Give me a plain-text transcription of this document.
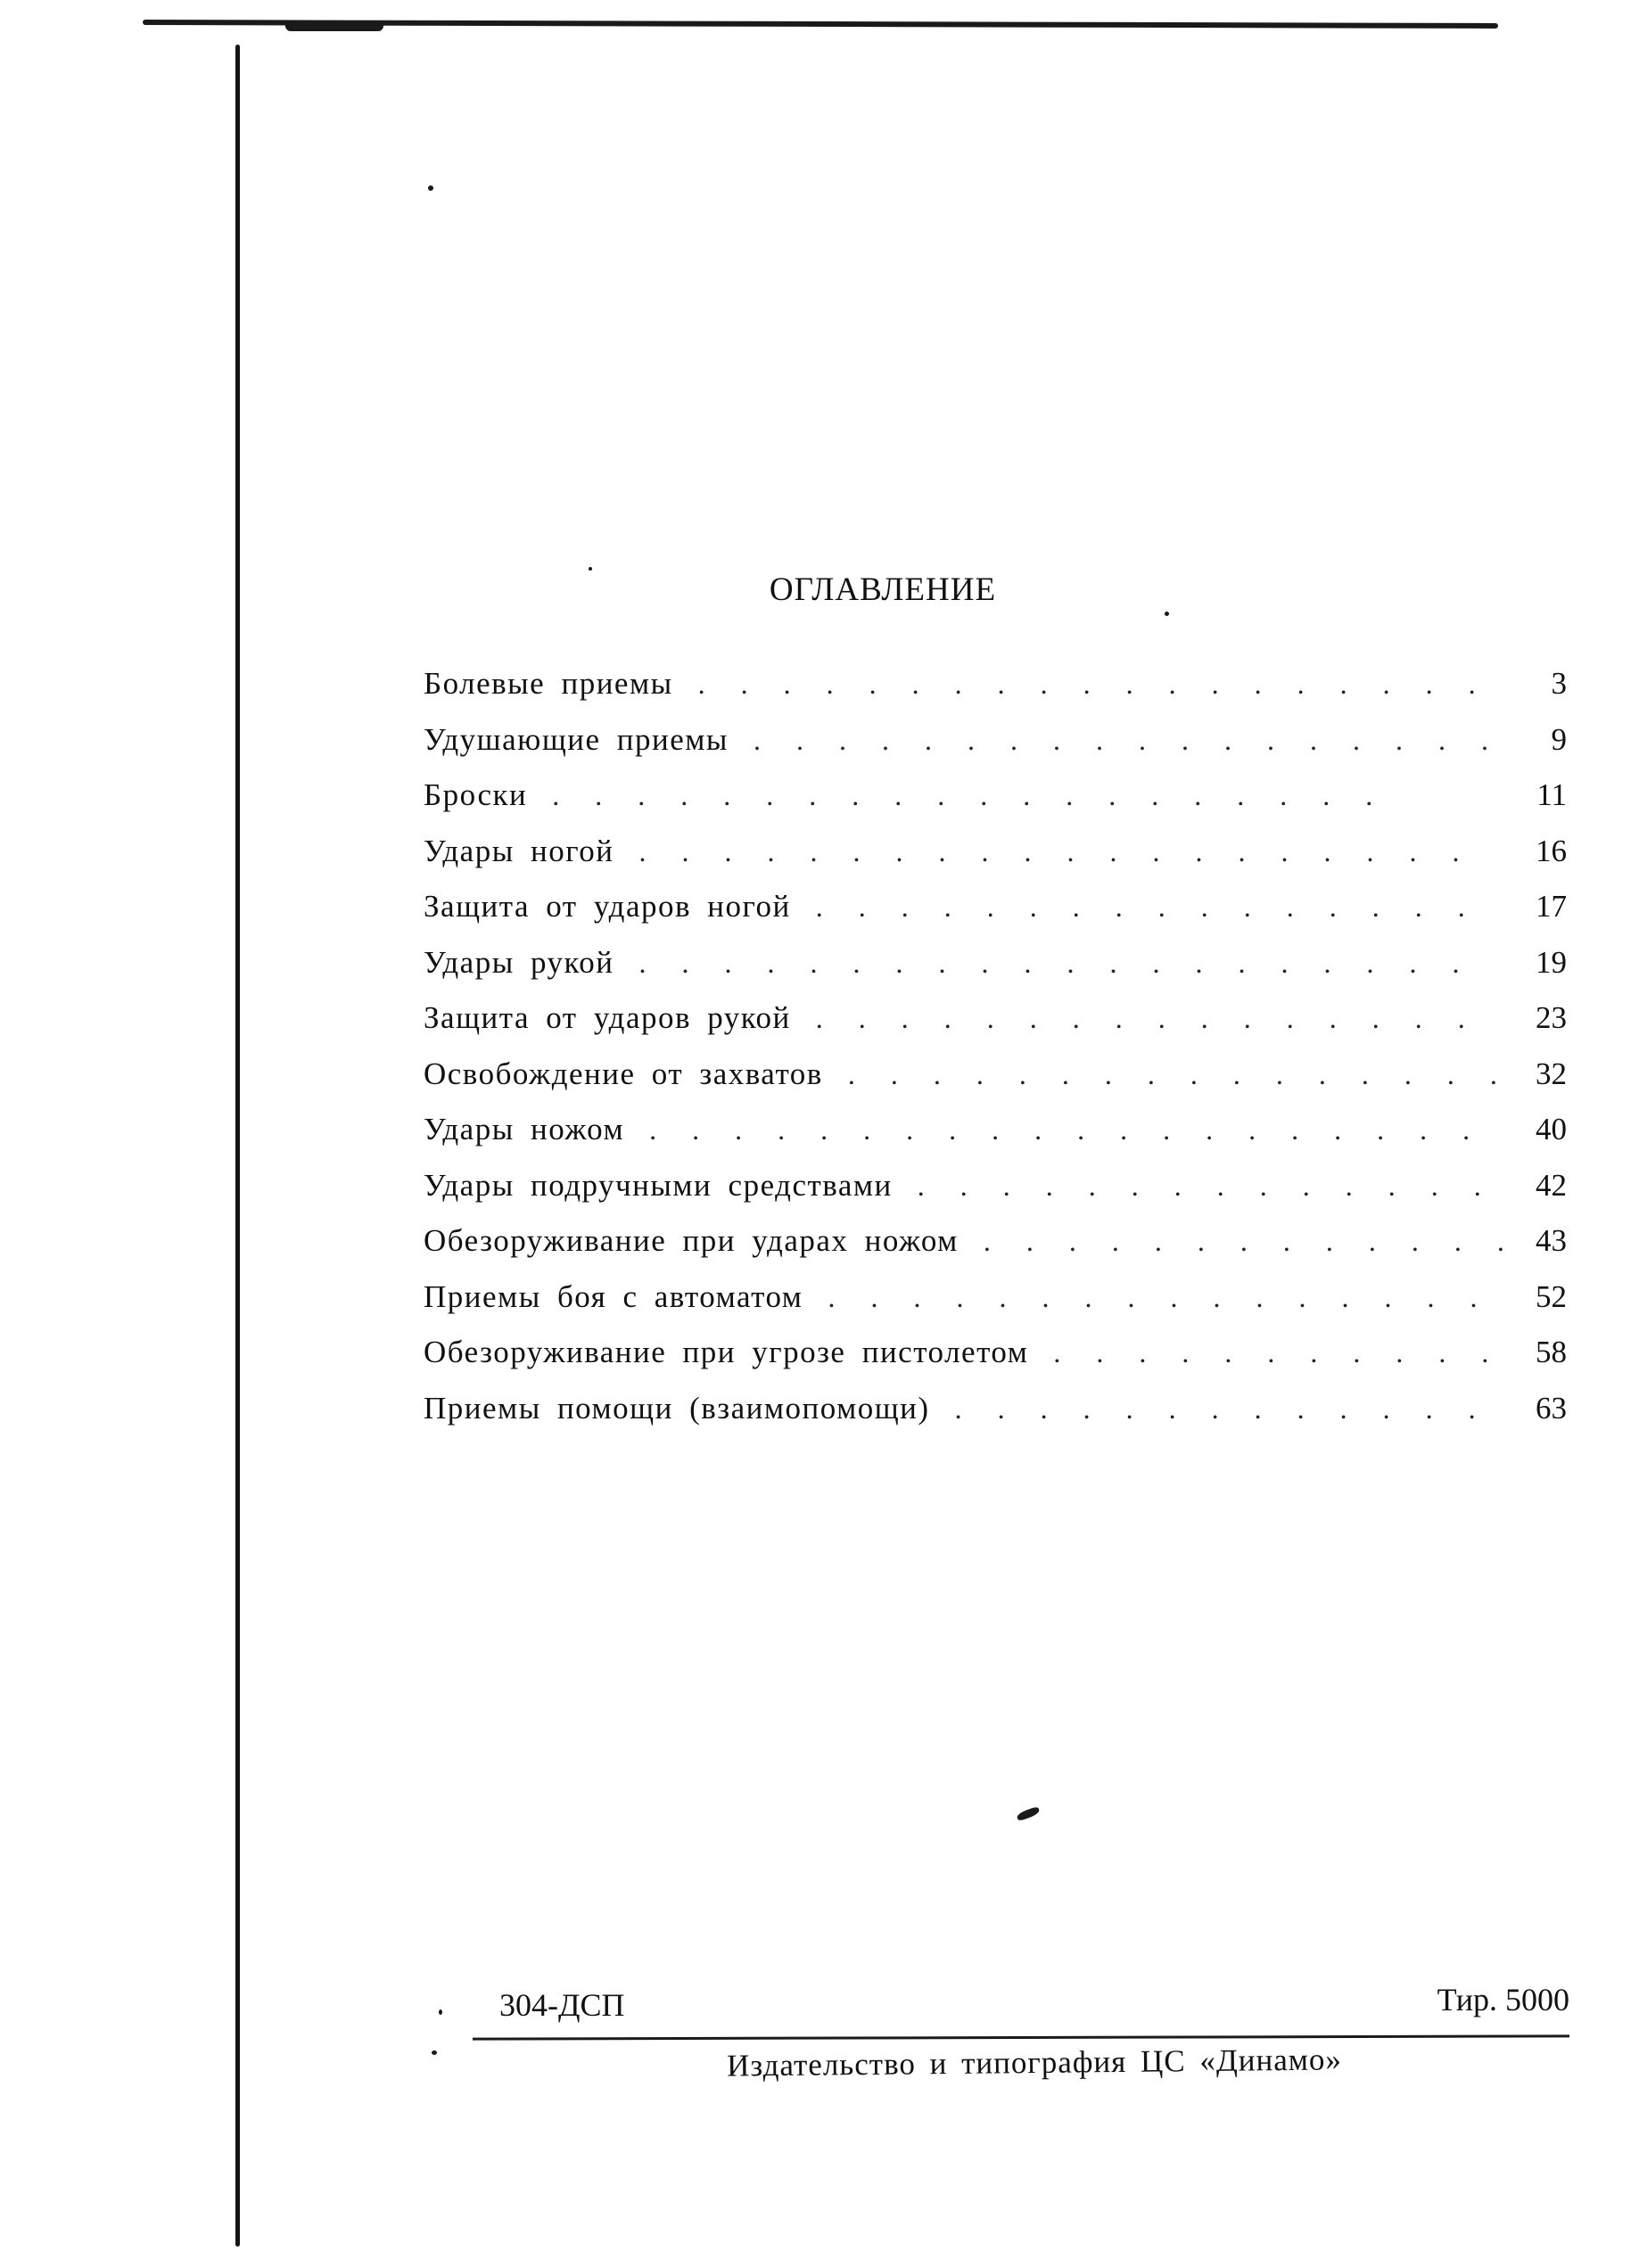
ОГЛАВЛЕНИЕ
Болевые приемы .	3
Удушающие приемы .	9
Броски .	11
Удары ногой .	16
Защита от ударов ногой .	17
Удары рукой .	19
Защита от ударов рукой .	23
Освобождение от захватов .	32
Удары ножом .	40
Удары подручными средствами .	42
Обезоруживание при ударах ножом .	43
Приемы боя с автоматом .	52
Обезоруживание при угрозе пистолетом .	58
Приемы помощи (взаимопомощи) .	63
304-ДСП	Тир. 5000
Издательство и типография ЦС «Динамо»
